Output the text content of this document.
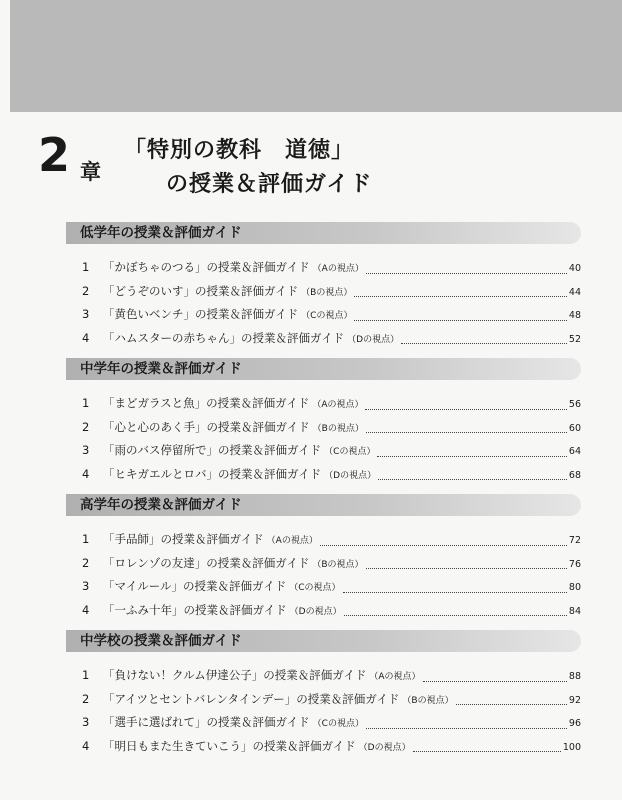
2 章
「特別の教科　道徳」
の授業＆評価ガイド
低学年の授業＆評価ガイド
1	「かぼちゃのつる」の授業＆評価ガイド （Aの視点）	40
2	「どうぞのいす」の授業＆評価ガイド （Bの視点）	44
3	「黄色いベンチ」の授業＆評価ガイド （Cの視点）	48
4	「ハムスターの赤ちゃん」の授業＆評価ガイド （Dの視点）	52
中学年の授業＆評価ガイド
1	「まどガラスと魚」の授業＆評価ガイド （Aの視点）	56
2	「心と心のあく手」の授業＆評価ガイド （Bの視点）	60
3	「雨のバス停留所で」の授業＆評価ガイド （Cの視点）	64
4	「ヒキガエルとロバ」の授業＆評価ガイド （Dの視点）	68
高学年の授業＆評価ガイド
1	「手品師」の授業＆評価ガイド （Aの視点）	72
2	「ロレンゾの友達」の授業＆評価ガイド （Bの視点）	76
3	「マイルール」の授業＆評価ガイド （Cの視点）	80
4	「一ふみ十年」の授業＆評価ガイド （Dの視点）	84
中学校の授業＆評価ガイド
1	「負けない！クルム伊達公子」の授業＆評価ガイド （Aの視点）	88
2	「アイツとセントバレンタインデー」の授業＆評価ガイド （Bの視点）	92
3	「選手に選ばれて」の授業＆評価ガイド （Cの視点）	96
4	「明日もまた生きていこう」の授業＆評価ガイド （Dの視点）	100
